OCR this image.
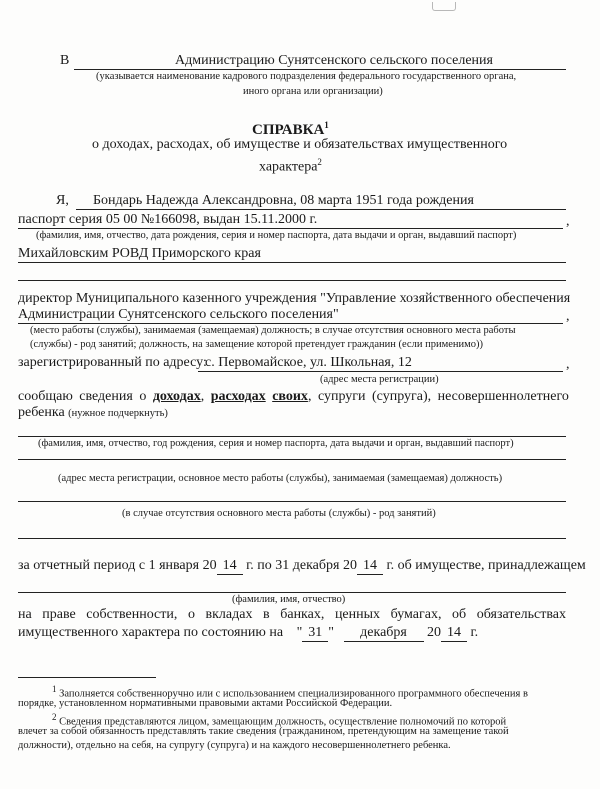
В	Администрацию Сунятсенского сельского поселения
(указывается наименование кадрового подразделения федерального государственного органа,
иного органа или организации)
СПРАВКА$^1$
о доходах, расходах, об имуществе и обязательствах имущественного
характера$^2$
Я, Бондарь Надежда Александровна, 08 марта 1951 года рождения
паспорт серия 05 00 №166098, выдан 15.11.2000 г.	,
(фамилия, имя, отчество, дата рождения, серия и номер паспорта, дата выдачи и орган, выдавший паспорт)
Михайловским РОВД Приморского края
директор Муниципального казенного учреждения "Управление хозяйственного обеспечения
Администрации Сунятсенского сельского поселения"	,
(место работы (службы), занимаемая (замещаемая) должность; в случае отсутствия основного места работы
(службы) - род занятий; должность, на замещение которой претендует гражданин (если применимо))
зарегистрированный по адресу:
с. Первомайское, ул. Школьная, 12	,
(адрес места регистрации)
сообщаю сведения о доходах, расходах своих, супруги (супруга), несовершеннолетнего
ребенка (нужное подчеркнуть)
(фамилия, имя, отчество, год рождения, серия и номер паспорта, дата выдачи и орган, выдавший паспорт)
(адрес места регистрации, основное место работы (службы), занимаемая (замещаемая) должность)
(в случае отсутствия основного места работы (службы) - род занятий)
за отчетный период с 1 января 20 14 г. по 31 декабря 20 14 г. об имуществе, принадлежащем
(фамилия, имя, отчество)
на праве собственности, о вкладах в банках, ценных бумагах, об обязательствах
имущественного характера по состоянию на " 31 " декабря 20 14 г.
$^1$ Заполняется собственноручно или с использованием специализированного программного обеспечения в
порядке, установленном нормативными правовыми актами Российской Федерации.
$^2$ Сведения представляются лицом, замещающим должность, осуществление полномочий по которой
влечет за собой обязанность представлять такие сведения (гражданином, претендующим на замещение такой
должности), отдельно на себя, на супругу (супруга) и на каждого несовершеннолетнего ребенка.
